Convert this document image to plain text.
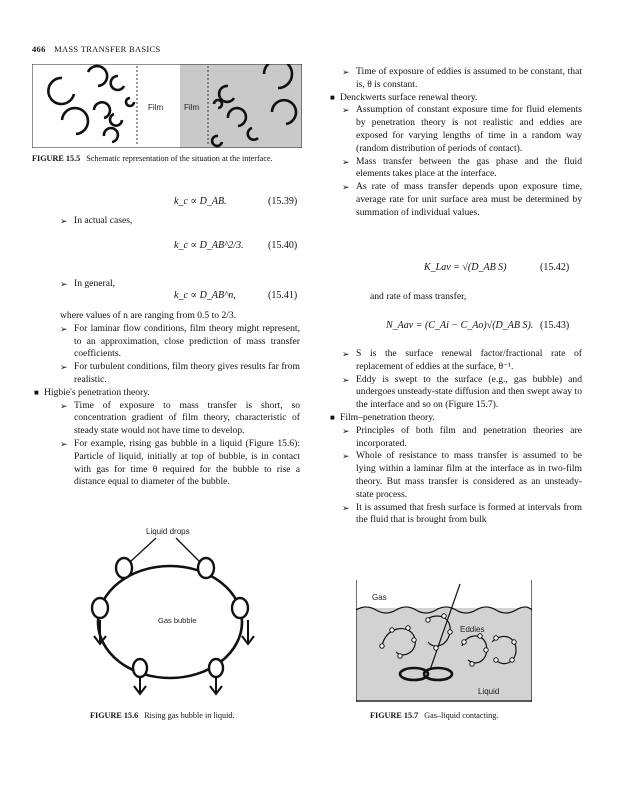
466 MASS TRANSFER BASICS
Film	Film
FIGURE 15.5 Schematic representation of the situation at the interface.
k_c ∝ D_AB.	(15.39)
➢ In actual cases,
k_c ∝ D_AB^2/3. (15.40)
➢ In general,
k_c ∝ D_AB^n,	(15.41)

where values of n are ranging from 0.5 to 2/3.

➢ For laminar flow conditions, film theory might represent, to an approximation, close prediction of mass transfer coefficients.
➢ For turbulent conditions, film theory gives results far from realistic.
■ Higbie's penetration theory.
➢ Time of exposure to mass transfer is short, so concentration gradient of film theory, characteristic of steady state would not have time to develop.
➢ For example, rising gas bubble in a liquid (Figure 15.6): Particle of liquid, initially at top of bubble, is in contact with gas for time θ required for the bubble to rise a distance equal to diameter of the bubble.
Liquid drops
Gas bubble
FIGURE 15.6 Rising gas bubble in liquid.
➢ Time of exposure of eddies is assumed to be constant, that is, θ is constant.
■ Denckwerts surface renewal theory.
➢ Assumption of constant exposure time for fluid elements by penetration theory is not realistic and eddies are exposed for varying lengths of time in a random way (random distribution of periods of contact).
➢ Mass transfer between the gas phase and the fluid elements takes place at the interface.
➢ As rate of mass transfer depends upon exposure time, average rate for unit surface area must be determined by summation of individual values.
K_Lav = √(D_AB S)	(15.42)
and rate of mass transfer,
N_Aav = (C_Ai − C_Ao)√(D_AB S). (15.43)
➢ S is the surface renewal factor/fractional rate of replacement of eddies at the surface, θ⁻¹.
➢ Eddy is swept to the surface (e.g., gas bubble) and undergoes unsteady-state diffusion and then swept away to the interface and so on (Figure 15.7).
■ Film–penetration theory.
➢ Principles of both film and penetration theories are incorporated.
➢ Whole of resistance to mass transfer is assumed to be lying within a laminar film at the interface as in two-film theory. But mass transfer is considered as an unsteady-state process.
➢ It is assumed that fresh surface is formed at intervals from the fluid that is brought from bulk
Gas
Eddies
Liquid
FIGURE 15.7 Gas–liquid contacting.
